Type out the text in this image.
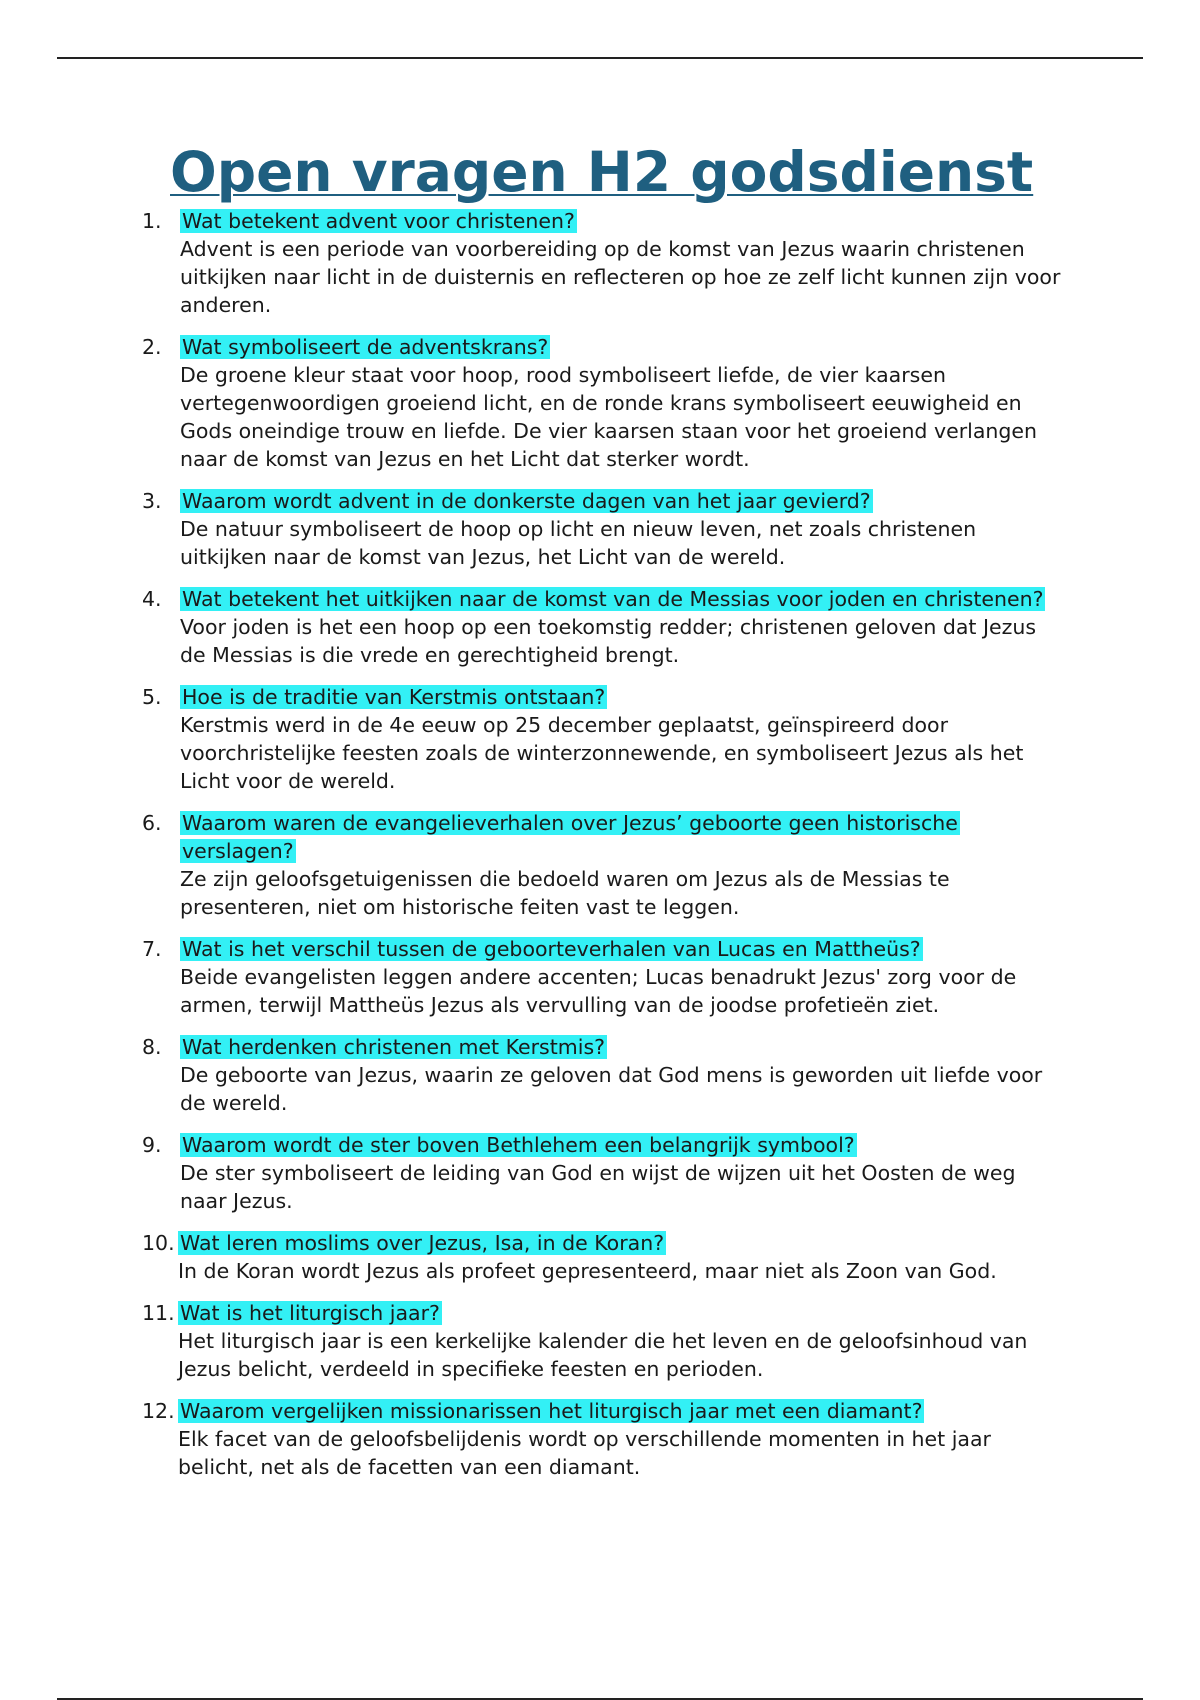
Open vragen H2 godsdienst
1. Wat betekent advent voor christenen?
Advent is een periode van voorbereiding op de komst van Jezus waarin christenen uitkijken naar licht in de duisternis en reflecteren op hoe ze zelf licht kunnen zijn voor anderen.
2. Wat symboliseert de adventskrans?
De groene kleur staat voor hoop, rood symboliseert liefde, de vier kaarsen vertegenwoordigen groeiend licht, en de ronde krans symboliseert eeuwigheid en Gods oneindige trouw en liefde. De vier kaarsen staan voor het groeiend verlangen naar de komst van Jezus en het Licht dat sterker wordt.
3. Waarom wordt advent in de donkerste dagen van het jaar gevierd?
De natuur symboliseert de hoop op licht en nieuw leven, net zoals christenen uitkijken naar de komst van Jezus, het Licht van de wereld.
4. Wat betekent het uitkijken naar de komst van de Messias voor joden en christenen?
Voor joden is het een hoop op een toekomstig redder; christenen geloven dat Jezus de Messias is die vrede en gerechtigheid brengt.
5. Hoe is de traditie van Kerstmis ontstaan?
Kerstmis werd in de 4e eeuw op 25 december geplaatst, geïnspireerd door voorchristelijke feesten zoals de winterzonnewende, en symboliseert Jezus als het Licht voor de wereld.
6. Waarom waren de evangelieverhalen over Jezus’ geboorte geen historische verslagen?
Ze zijn geloofsgetuigenissen die bedoeld waren om Jezus als de Messias te presenteren, niet om historische feiten vast te leggen.
7. Wat is het verschil tussen de geboorteverhalen van Lucas en Mattheüs?
Beide evangelisten leggen andere accenten; Lucas benadrukt Jezus' zorg voor de armen, terwijl Mattheüs Jezus als vervulling van de joodse profetieën ziet.
8. Wat herdenken christenen met Kerstmis?
De geboorte van Jezus, waarin ze geloven dat God mens is geworden uit liefde voor de wereld.
9. Waarom wordt de ster boven Bethlehem een belangrijk symbool?
De ster symboliseert de leiding van God en wijst de wijzen uit het Oosten de weg naar Jezus.
10. Wat leren moslims over Jezus, Isa, in de Koran?
In de Koran wordt Jezus als profeet gepresenteerd, maar niet als Zoon van God.
11. Wat is het liturgisch jaar?
Het liturgisch jaar is een kerkelijke kalender die het leven en de geloofsinhoud van Jezus belicht, verdeeld in specifieke feesten en perioden.
12. Waarom vergelijken missionarissen het liturgisch jaar met een diamant?
Elk facet van de geloofsbelijdenis wordt op verschillende momenten in het jaar belicht, net als de facetten van een diamant.
